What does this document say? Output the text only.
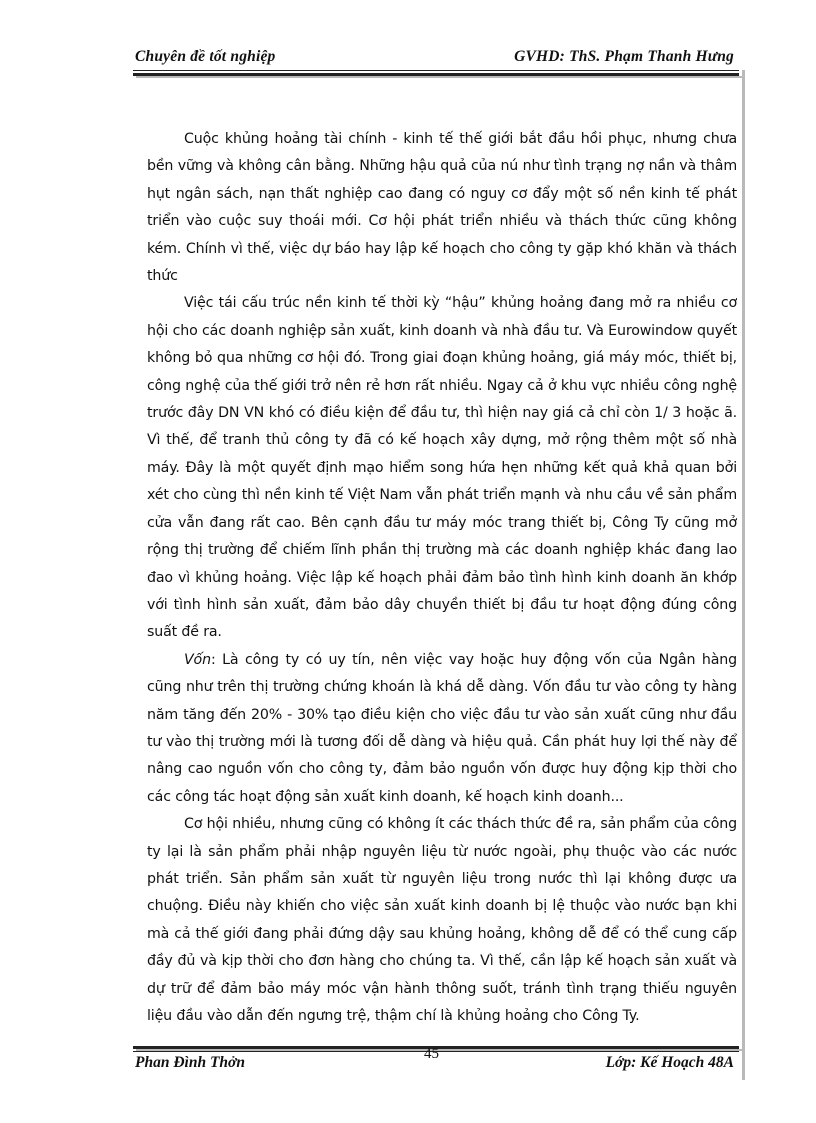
Chuyên đề tốt nghiệp	GVHD: ThS. Phạm Thanh Hưng

Cuộc khủng hoảng tài chính - kinh tế thế giới bắt đầu hồi phục, nhưng chưa bền vững và không cân bằng. Những hậu quả của nú như tình trạng nợ nần và thâm hụt ngân sách, nạn thất nghiệp cao đang có nguy cơ đẩy một số nền kinh tế phát triển vào cuộc suy thoái mới. Cơ hội phát triển nhiều và thách thức cũng không kém. Chính vì thế, việc dự báo hay lập kế hoạch cho công ty gặp khó khăn và thách thức

Việc tái cấu trúc nền kinh tế thời kỳ “hậu” khủng hoảng đang mở ra nhiều cơ hội cho các doanh nghiệp sản xuất, kinh doanh và nhà đầu tư. Và Eurowindow quyết không bỏ qua những cơ hội đó. Trong giai đoạn khủng hoảng, giá máy móc, thiết bị, công nghệ của thế giới trở nên rẻ hơn rất nhiều. Ngay cả ở khu vực nhiều công nghệ trước đây DN VN khó có điều kiện để đầu tư, thì hiện nay giá cả chỉ còn 1/ 3 hoặc ã. Vì thế, để tranh thủ công ty đã có kế hoạch xây dựng, mở rộng thêm một số nhà máy. Đây là một quyết định mạo hiểm song hứa hẹn những kết quả khả quan bởi xét cho cùng thì nền kinh tế Việt Nam vẫn phát triển mạnh và nhu cầu về sản phẩm cửa vẫn đang rất cao. Bên cạnh đầu tư máy móc trang thiết bị, Công Ty cũng mở rộng thị trường để chiếm lĩnh phần thị trường mà các doanh nghiệp khác đang lao đao vì khủng hoảng. Việc lập kế hoạch phải đảm bảo tình hình kinh doanh ăn khớp với tình hình sản xuất, đảm bảo dây chuyền thiết bị đầu tư hoạt động đúng công suất đề ra.

Vốn: Là công ty có uy tín, nên việc vay hoặc huy động vốn của Ngân hàng cũng như trên thị trường chứng khoán là khá dễ dàng. Vốn đầu tư vào công ty hàng năm tăng đến 20% - 30% tạo điều kiện cho việc đầu tư vào sản xuất cũng như đầu tư vào thị trường mới là tương đối dễ dàng và hiệu quả. Cần phát huy lợi thế này để nâng cao nguồn vốn cho công ty, đảm bảo nguồn vốn được huy động kịp thời cho các công tác hoạt động sản xuất kinh doanh, kế hoạch kinh doanh...

Cơ hội nhiều, nhưng cũng có không ít các thách thức đề ra, sản phẩm của công ty lại là sản phẩm phải nhập nguyên liệu từ nước ngoài, phụ thuộc vào các nước phát triển. Sản phẩm sản xuất từ nguyên liệu trong nước thì lại không được ưa chuộng. Điều này khiến cho việc sản xuất kinh doanh bị lệ thuộc vào nước bạn khi mà cả thế giới đang phải đứng dậy sau khủng hoảng, không dễ để có thể cung cấp đầy đủ và kịp thời cho đơn hàng cho chúng ta. Vì thế, cần lập kế hoạch sản xuất và dự trữ để đảm bảo máy móc vận hành thông suốt, tránh tình trạng thiếu nguyên liệu đầu vào dẫn đến ngưng trệ, thậm chí là khủng hoảng cho Công Ty.

45
Phan Đình Thởn	Lớp: Kế Hoạch 48A
